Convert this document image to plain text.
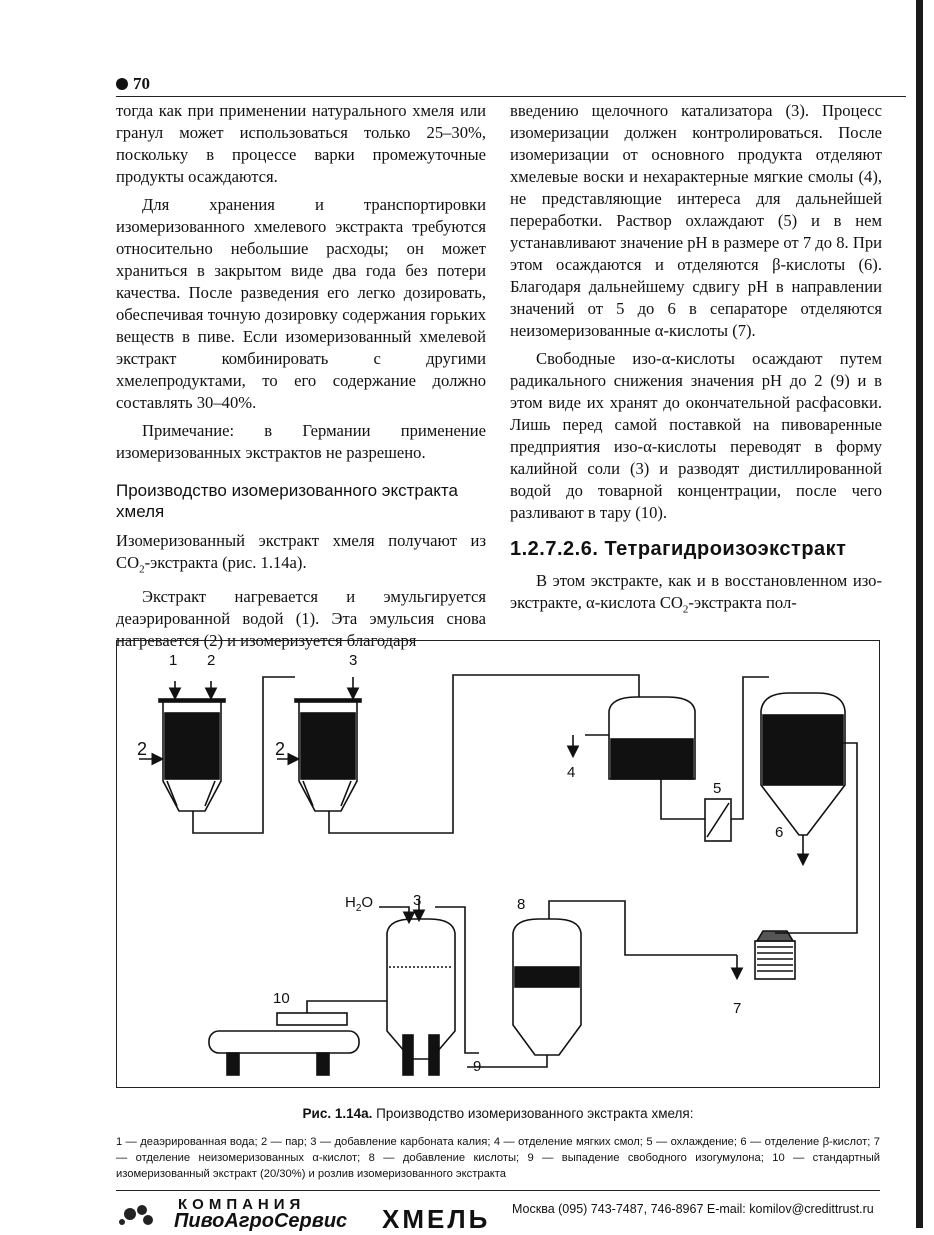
70

тогда как при применении натурального хмеля или гранул может использоваться только 25–30%, поскольку в процессе варки промежуточные продукты осаждаются.

Для хранения и транспортировки изомеризованного хмелевого экстракта требуются относительно небольшие расходы; он может храниться в закрытом виде два года без потери качества. После разведения его легко дозировать, обеспечивая точную дозировку содержания горьких веществ в пиве. Если изомеризованный хмелевой экстракт комбинировать с другими хмелепродуктами, то его содержание должно составлять 30–40%.

Примечание: в Германии применение изомеризованных экстрактов не разрешено.

Производство изомеризованного экстракта хмеля

Изомеризованный экстракт хмеля получают из $CO_2$-экстракта (рис. 1.14а).

Экстракт нагревается и эмульгируется деаэрированной водой (1). Эта эмульсия снова нагревается (2) и изомеризуется благодаря

введению щелочного катализатора (3). Процесс изомеризации должен контролироваться. После изомеризации от основного продукта отделяют хмелевые воски и нехарактерные мягкие смолы (4), не представляющие интереса для дальнейшей переработки. Раствор охлаждают (5) и в нем устанавливают значение pH в размере от 7 до 8. При этом осаждаются и отделяются β-кислоты (6). Благодаря дальнейшему сдвигу pH в направлении значений от 5 до 6 в сепараторе отделяются неизомеризованные α-кислоты (7).

Свободные изо-α-кислоты осаждают путем радикального снижения значения pH до 2 (9) и в этом виде их хранят до окончательной расфасовки. Лишь перед самой поставкой на пивоваренные предприятия изо-α-кислоты переводят в форму калийной соли (3) и разводят дистиллированной водой до товарной концентрации, после чего разливают в тару (10).

1.2.7.2.6. Тетрагидроизоэкстракт

В этом экстракте, как и в восстановленном изо-экстракте, α-кислота $CO_2$-экстракта пол-

1 2	3
2	2
4
5
6
7
$H_2O$	3	8
9
10
Рис. 1.14а. Производство изомеризованного экстракта хмеля:
1 — деаэрированная вода; 2 — пар; 3 — добавление карбоната калия; 4 — отделение мягких смол; 5 — охлаждение; 6 — отделение β-кислот; 7 — отделение неизомеризованных α-кислот; 8 — добавление кислоты; 9 — выпадение свободного изогумулона; 10 — стандартный изомеризованный экстракт (20/30%) и розлив изомеризованного экстракта
КОМПАНИЯ
ПивоАгроСервис ХМЕЛЬ Москва (095) 743-7487, 746-8967 E-mail: komilov@credittrust.ru
